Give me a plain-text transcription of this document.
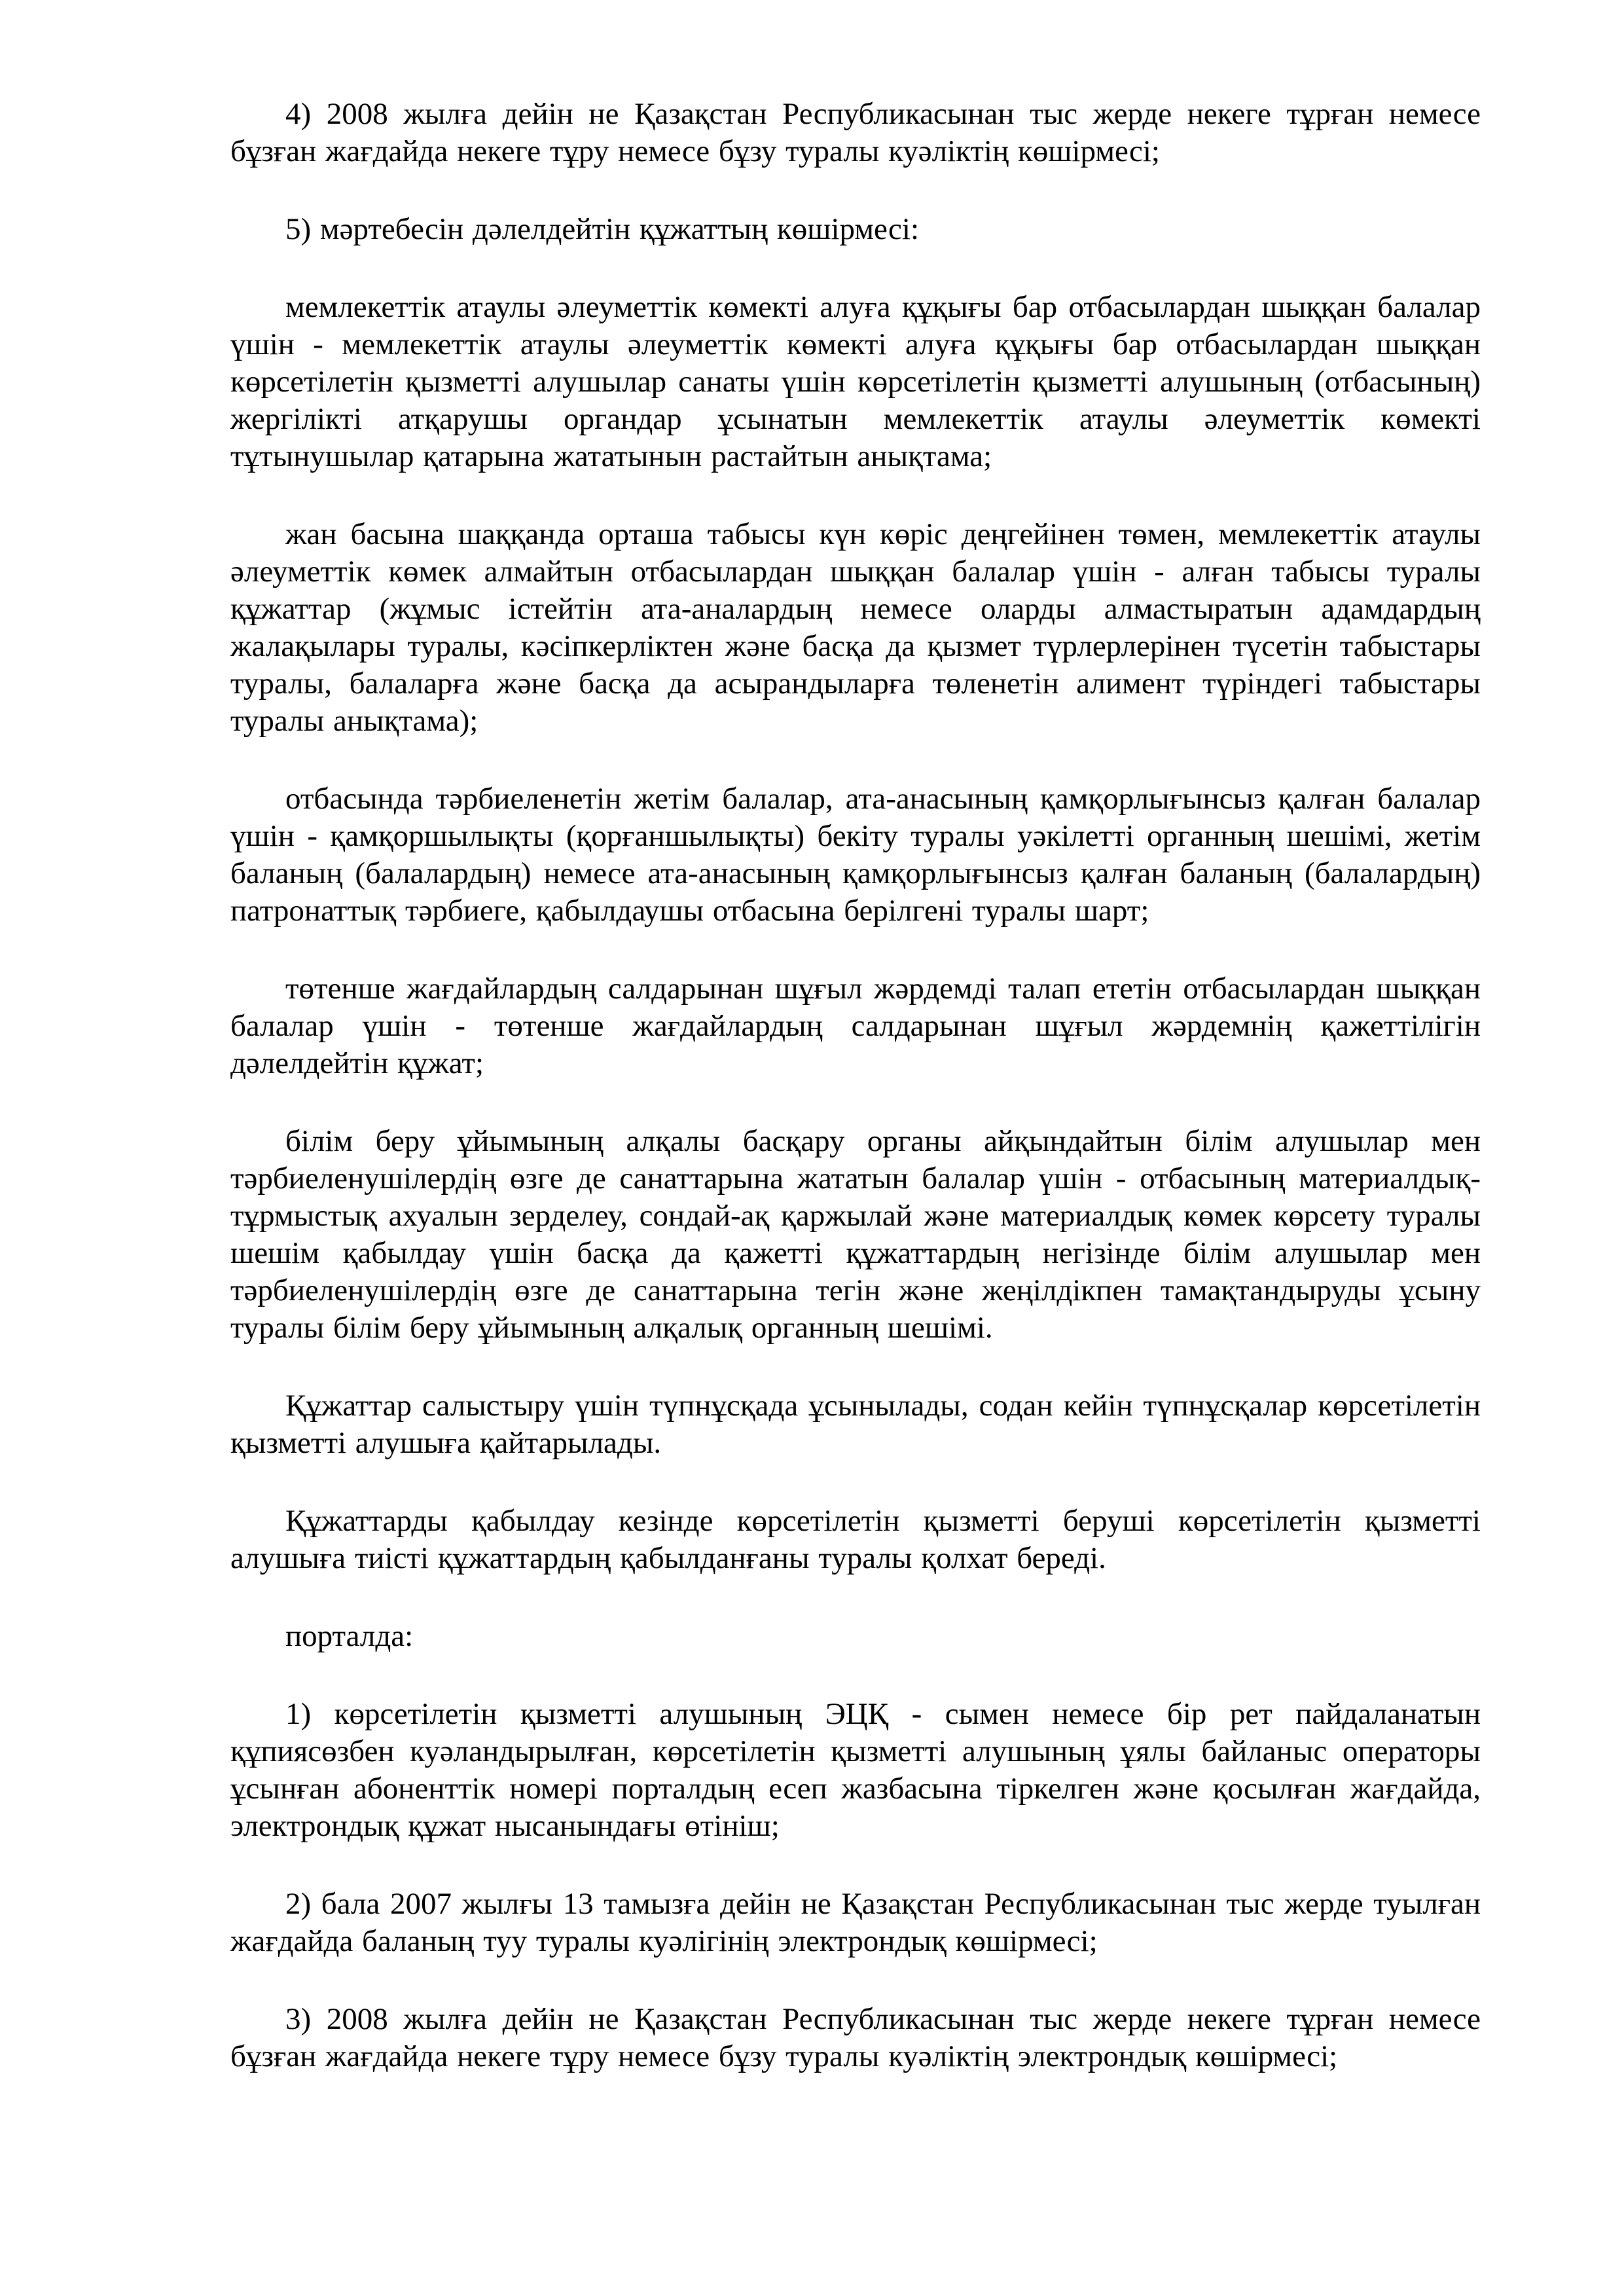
4) 2008 жылға дейін не Қазақстан Республикасынан тыс жерде некеге тұрған немесе бұзған жағдайда некеге тұру немесе бұзу туралы куәліктің көшірмесі;

5) мәртебесін дәлелдейтін құжаттың көшірмесі:

мемлекеттік атаулы әлеуметтік көмекті алуға құқығы бар отбасылардан шыққан балалар үшін - мемлекеттік атаулы әлеуметтік көмекті алуға құқығы бар отбасылардан шыққан көрсетілетін қызметті алушылар санаты үшін көрсетілетін қызметті алушының (отбасының) жергілікті атқарушы органдар ұсынатын мемлекеттік атаулы әлеуметтік көмекті тұтынушылар қатарына жататынын растайтын анықтама;

жан басына шаққанда орташа табысы күн көріс деңгейінен төмен, мемлекеттік атаулы әлеуметтік көмек алмайтын отбасылардан шыққан балалар үшін - алған табысы туралы құжаттар (жұмыс істейтін ата-аналардың немесе оларды алмастыратын адамдардың жалақылары туралы, кәсіпкерліктен және басқа да қызмет түрлерлерінен түсетін табыстары туралы, балаларға және басқа да асырандыларға төленетін алимент түріндегі табыстары туралы анықтама);

отбасында тәрбиеленетін жетім балалар, ата-анасының қамқорлығынсыз қалған балалар үшін - қамқоршылықты (қорғаншылықты) бекіту туралы уәкілетті органның шешімі, жетім баланың (балалардың) немесе ата-анасының қамқорлығынсыз қалған баланың (балалардың) патронаттық тәрбиеге, қабылдаушы отбасына берілгені туралы шарт;

төтенше жағдайлардың салдарынан шұғыл жәрдемді талап ететін отбасылардан шыққан балалар үшін - төтенше жағдайлардың салдарынан шұғыл жәрдемнің қажеттілігін дәлелдейтін құжат;

білім беру ұйымының алқалы басқару органы айқындайтын білім алушылар мен тәрбиеленушілердің өзге де санаттарына жататын балалар үшін - отбасының материалдық-тұрмыстық ахуалын зерделеу, сондай-ақ қаржылай және материалдық көмек көрсету туралы шешім қабылдау үшін басқа да қажетті құжаттардың негізінде білім алушылар мен тәрбиеленушілердің өзге де санаттарына тегін және жеңілдікпен тамақтандыруды ұсыну туралы білім беру ұйымының алқалық органның шешімі.

Құжаттар салыстыру үшін түпнұсқада ұсынылады, содан кейін түпнұсқалар көрсетілетін қызметті алушыға қайтарылады.

Құжаттарды қабылдау кезінде көрсетілетін қызметті беруші көрсетілетін қызметті алушыға тиісті құжаттардың қабылданғаны туралы қолхат береді.

порталда:

1) көрсетілетін қызметті алушының ЭЦҚ - сымен немесе бір рет пайдаланатын құпиясөзбен куәландырылған, көрсетілетін қызметті алушының ұялы байланыс операторы ұсынған абоненттік номері порталдың есеп жазбасына тіркелген және қосылған жағдайда, электрондық құжат нысанындағы өтініш;

2) бала 2007 жылғы 13 тамызға дейін не Қазақстан Республикасынан тыс жерде туылған жағдайда баланың туу туралы куәлігінің электрондық көшірмесі;

3) 2008 жылға дейін не Қазақстан Республикасынан тыс жерде некеге тұрған немесе бұзған жағдайда некеге тұру немесе бұзу туралы куәліктің электрондық көшірмесі;
